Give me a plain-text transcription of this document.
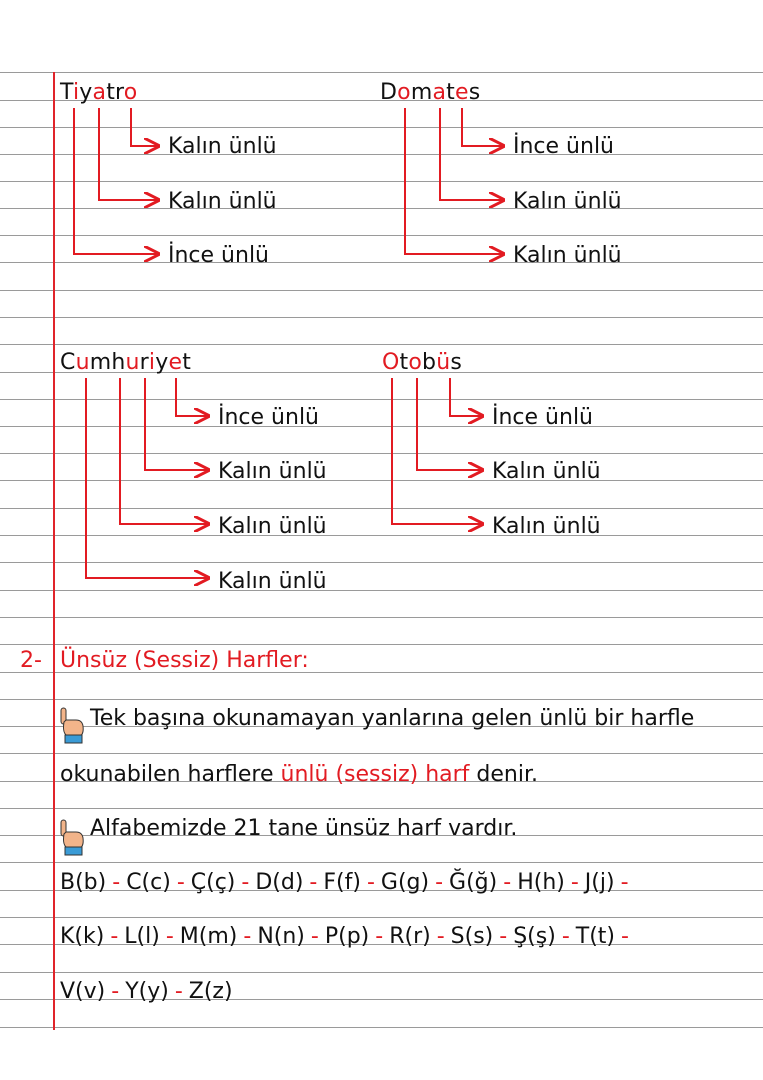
Tiyatro
Kalın ünlü
Kalın ünlü
İnce ünlü
Domates
İnce ünlü
Kalın ünlü
Kalın ünlü
Cumhuriyet
İnce ünlü
Kalın ünlü
Kalın ünlü
Kalın ünlü
Otobüs
İnce ünlü
Kalın ünlü
Kalın ünlü
2- Ünsüz (Sessiz) Harfler:
Tek başına okunamayan yanlarına gelen ünlü bir harfle
okunabilen harflere ünlü (sessiz) harf denir.
Alfabemizde 21 tane ünsüz harf vardır.
B(b) - C(c) - Ç(ç) - D(d) - F(f) - G(g) - Ğ(ğ) - H(h) - J(j) -
K(k) - L(l) - M(m) - N(n) - P(p) - R(r) - S(s) - Ş(ş) - T(t) -
V(v) - Y(y) - Z(z)
